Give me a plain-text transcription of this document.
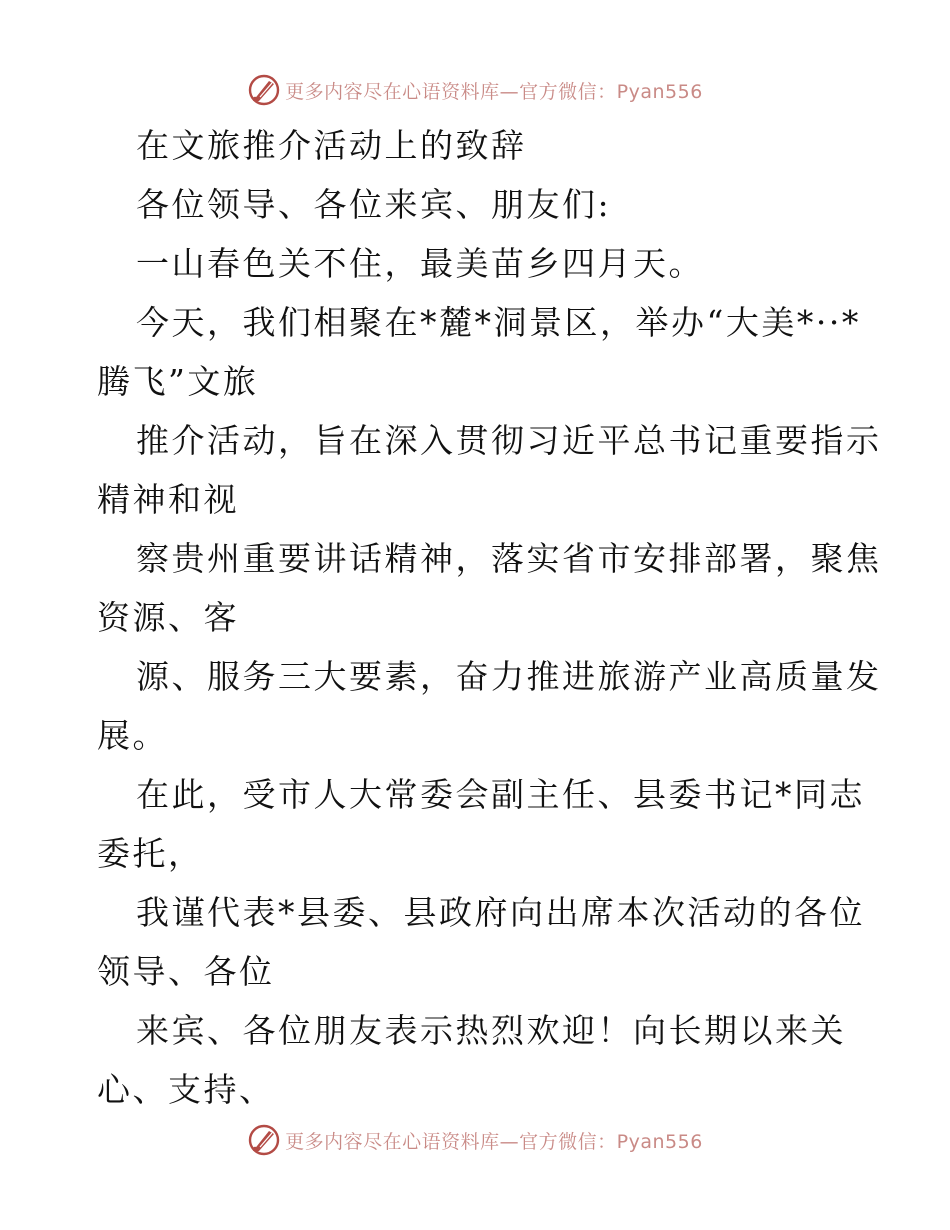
更多内容尽在心语资料库—官方微信：Pyan556
在文旅推介活动上的致辞
各位领导、各位来宾、朋友们:
一山春色关不住，最美苗乡四月天。
今天，我们相聚在*麓*洞景区，举办“大美*··*
腾飞”文旅
推介活动，旨在深入贯彻习近平总书记重要指示
精神和视
察贵州重要讲话精神，落实省市安排部署，聚焦
资源、客
源、服务三大要素，奋力推进旅游产业高质量发
展。
在此，受市人大常委会副主任、县委书记*同志
委托，
我谨代表*县委、县政府向出席本次活动的各位
领导、各位
来宾、各位朋友表示热烈欢迎！向长期以来关
心、支持、
更多内容尽在心语资料库—官方微信：Pyan556
